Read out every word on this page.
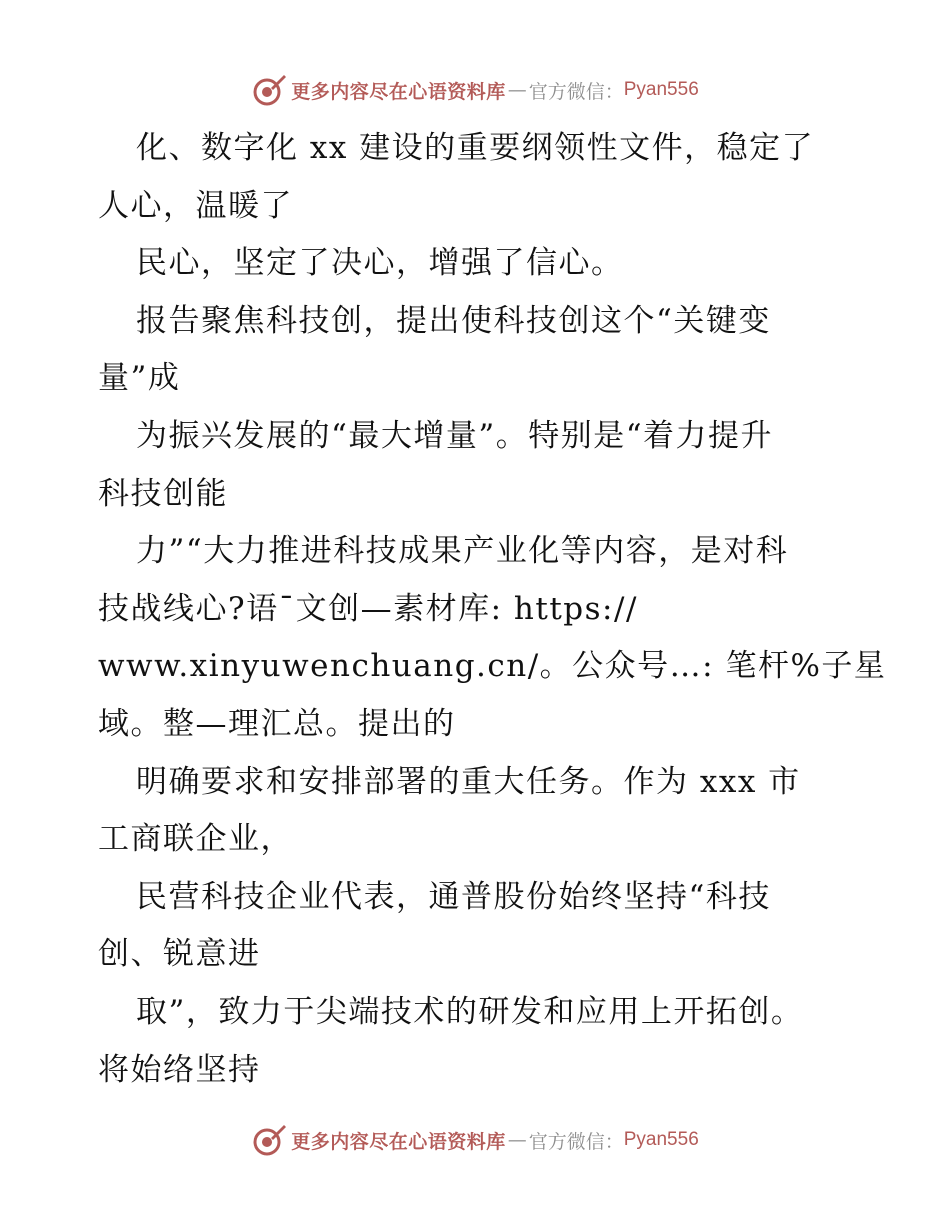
更多内容尽在心语资料库 — 官方微信： Pyan556
化、数字化 xx 建设的重要纲领性文件，稳定了
人心，温暖了
民心，坚定了决心，增强了信心。
报告聚焦科技创，提出使科技创这个“关键变
量”成
为振兴发展的“最大增量”。特别是“着力提升
科技创能
力”“大力推进科技成果产业化等内容，是对科
技战线心?语¯文创—素材库: https://
www.xinyuwenchuang.cn/。公众号…: 笔杆%子星
域。整—理汇总。提出的
明确要求和安排部署的重大任务。作为 xxx 市
工商联企业，
民营科技企业代表，通普股份始终坚持“科技
创、锐意进
取”，致力于尖端技术的研发和应用上开拓创。
将始络坚持
更多内容尽在心语资料库 — 官方微信： Pyan556
